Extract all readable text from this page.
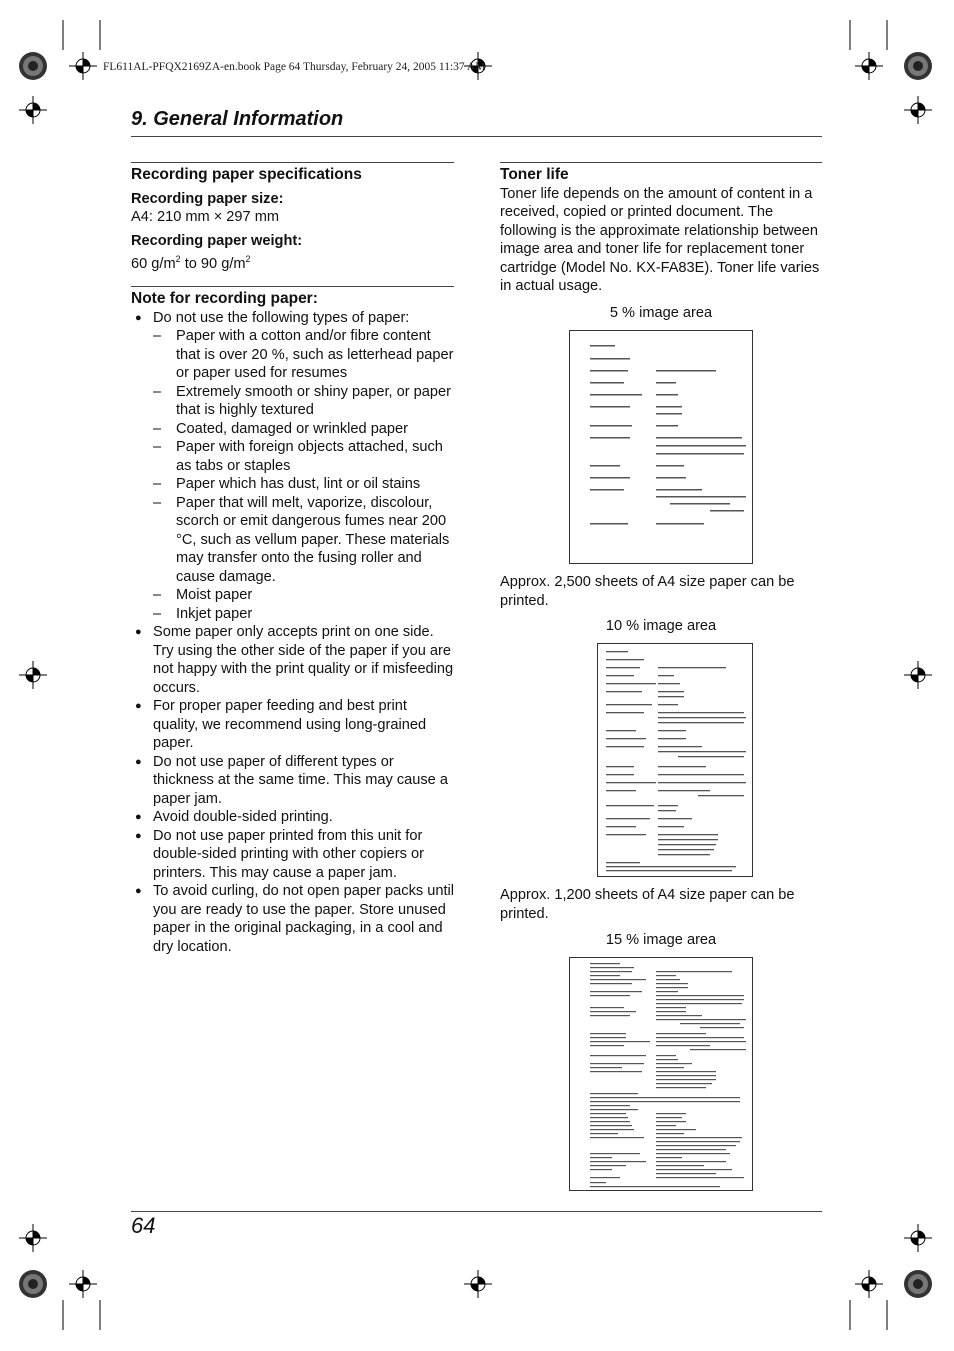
FL611AL-PFQX2169ZA-en.book Page 64 Thursday, February 24, 2005 11:37 AM
9. General Information
Recording paper specifications
Recording paper size:
A4: 210 mm × 297 mm
Recording paper weight:
60 $g/m^2$ to 90 $g/m^2$
Note for recording paper:
● Do not use the following types of paper:
– Paper with a cotton and/or fibre content that is over 20 %, such as letterhead paper or paper used for resumes
– Extremely smooth or shiny paper, or paper that is highly textured
– Coated, damaged or wrinkled paper
– Paper with foreign objects attached, such as tabs or staples
– Paper which has dust, lint or oil stains
– Paper that will melt, vaporize, discolour, scorch or emit dangerous fumes near 200 °C, such as vellum paper. These materials may transfer onto the fusing roller and cause damage.
– Moist paper
– Inkjet paper
● Some paper only accepts print on one side. Try using the other side of the paper if you are not happy with the print quality or if misfeeding occurs.
● For proper paper feeding and best print quality, we recommend using long-grained paper.
● Do not use paper of different types or thickness at the same time. This may cause a paper jam.
● Avoid double-sided printing.
● Do not use paper printed from this unit for double-sided printing with other copiers or printers. This may cause a paper jam.
● To avoid curling, do not open paper packs until you are ready to use the paper. Store unused paper in the original packaging, in a cool and dry location.
Toner life
Toner life depends on the amount of content in a received, copied or printed document. The following is the approximate relationship between image area and toner life for replacement toner cartridge (Model No. KX-FA83E). Toner life varies in actual usage.
5 % image area
Approx. 2,500 sheets of A4 size paper can be printed.
10 % image area
Approx. 1,200 sheets of A4 size paper can be printed.
15 % image area
64
